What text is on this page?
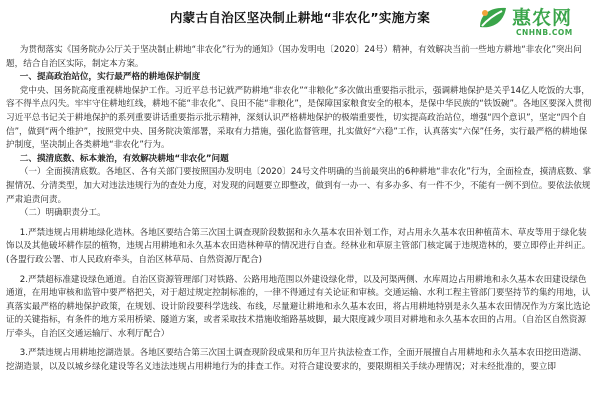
内蒙古自治区坚决制止耕地“非农化”实施方案	惠农网
CNHNB.COM

为贯彻落实《国务院办公厅关于坚决制止耕地“非农化”行为的通知》（国办发明电〔2020〕24号）精神，有效解决当前一些地方耕地“非农化”突出问题，结合自治区实际，制定本方案。

一、提高政治站位，实行最严格的耕地保护制度

党中央、国务院高度重视耕地保护工作。习近平总书记就严防耕地“非农化”“非粮化”多次做出重要指示批示，强调耕地保护是关乎14亿人吃饭的大事，容不得半点闪失。牢牢守住耕地红线，耕地不能“非农化”、良田不能“非粮化”，是保障国家粮食安全的根本，是保中华民族的“铁饭碗”。各地区要深入贯彻习近平总书记关于耕地保护的系列重要讲话重要指示批示精神，深刻认识严格耕地保护的极端重要性，切实提高政治站位，增强“四个意识”，坚定“四个自信”，做到“两个维护”，按照党中央、国务院决策部署，采取有力措施，强化监督管理，扎实做好“六稳”工作，认真落实“六保”任务，实行最严格的耕地保护制度，坚决制止各类耕地“非农化”行为。

二、摸清底数、标本兼治，有效解决耕地“非农化”问题

（一）全面摸清底数。各地区、各有关部门要按照国办发明电〔2020〕24号文件明确的当前最突出的6种耕地“非农化”行为，全面检查，摸清底数、掌握情况、分清类型，加大对违法违规行为的查处力度，对发现的问题要立即整改，做到有一办一、有多办多、有一件不少，不能有一例不到位。要依法依规严肃追责问责。

（二）明确职责分工。

1.严禁违规占用耕地绿化造林。各地区要结合第三次国土调查现阶段数据和永久基本农田补划工作，对占用永久基本农田种植苗木、草皮等用于绿化装饰以及其他破坏耕作层的植物，违规占用耕地和永久基本农田造林种草的情况进行自查。经林业和草原主管部门核定属于违规造林的，要立即停止并纠正。(各盟行政公署、市人民政府牵头，自治区林草局、自然资源厅配合)

2.严禁超标准建设绿色通道。自治区资源管理部门对铁路、公路用地范围以外建设绿化带，以及河渠两侧、水库周边占用耕地和永久基本农田建设绿色通道，在用地审核和监管中要严格把关，对于超过规定控制标准的，一律不得通过有关论证和审核。交通运输、水利工程主管部门要坚持节约集约用地，认真落实最严格的耕地保护政策，在规划、设计阶段要科学选线、布线，尽量避让耕地和永久基本农田，将占用耕地特别是永久基本农田情况作为方案比选论证的关键指标，有条件的地方采用桥梁、隧道方案，或者采取技术措施收缩路基坡脚，最大限度减少项目对耕地和永久基本农田的占用。（自治区自然资源厅牵头，自治区交通运输厅、水利厅配合）

3.严禁违规占用耕地挖湖造景。各地区要结合第三次国土调查现阶段成果和历年卫片执法检查工作，全面开展擅自占用耕地和永久基本农田挖田造湖、挖湖造景，以及以城乡绿化建设等名义违法违规占用耕地行为的排查工作。对符合建设要求的，要限期相关手续办理情况；对未经批准的，要立即
